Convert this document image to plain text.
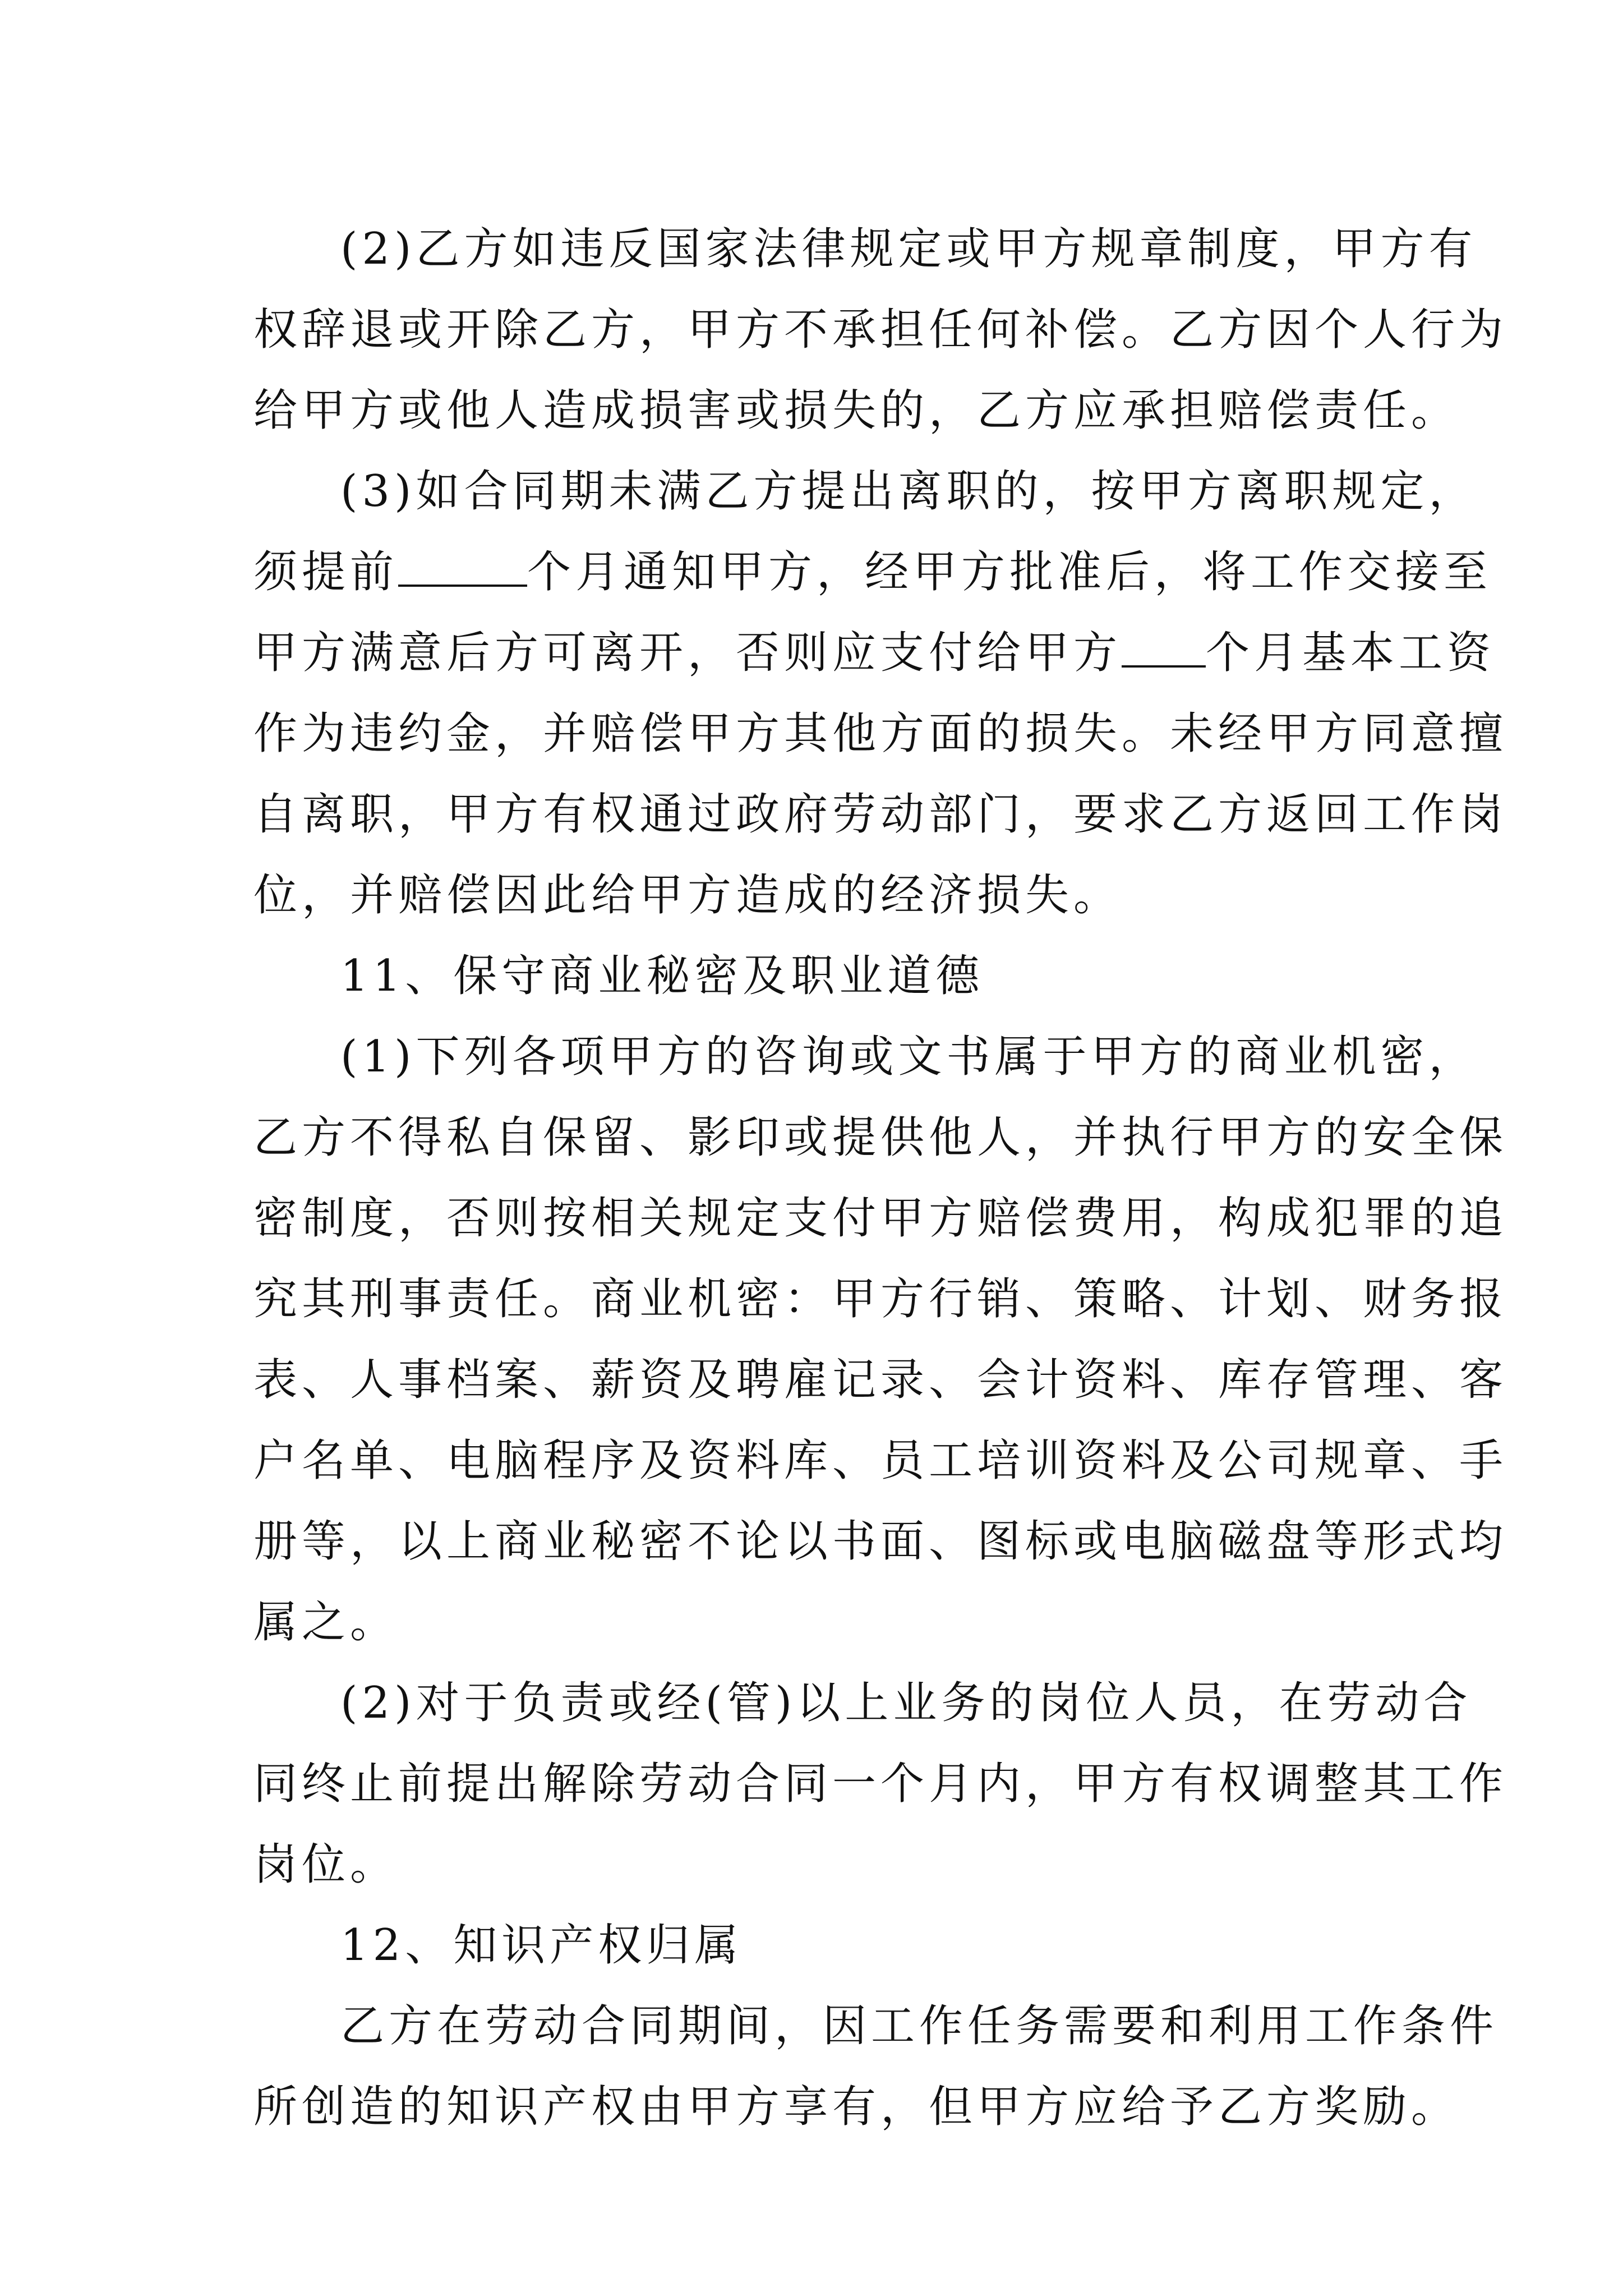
(2)乙方如违反国家法律规定或甲方规章制度，甲方有

权辞退或开除乙方，甲方不承担任何补偿。乙方因个人行为

给甲方或他人造成损害或损失的，乙方应承担赔偿责任。

(3)如合同期未满乙方提出离职的，按甲方离职规定，

须提前	个月通知甲方，经甲方批准后，将工作交接至

甲方满意后方可离开，否则应支付给甲方 个月基本工资

作为违约金，并赔偿甲方其他方面的损失。未经甲方同意擅

自离职，甲方有权通过政府劳动部门，要求乙方返回工作岗

位，并赔偿因此给甲方造成的经济损失。

11、保守商业秘密及职业道德

(1)下列各项甲方的咨询或文书属于甲方的商业机密，

乙方不得私自保留、影印或提供他人，并执行甲方的安全保

密制度，否则按相关规定支付甲方赔偿费用，构成犯罪的追

究其刑事责任。商业机密：甲方行销、策略、计划、财务报

表、人事档案、薪资及聘雇记录、会计资料、库存管理、客

户名单、电脑程序及资料库、员工培训资料及公司规章、手

册等，以上商业秘密不论以书面、图标或电脑磁盘等形式均

属之。

(2)对于负责或经(管)以上业务的岗位人员，在劳动合

同终止前提出解除劳动合同一个月内，甲方有权调整其工作

岗位。

12、知识产权归属

乙方在劳动合同期间，因工作任务需要和利用工作条件

所创造的知识产权由甲方享有，但甲方应给予乙方奖励。
